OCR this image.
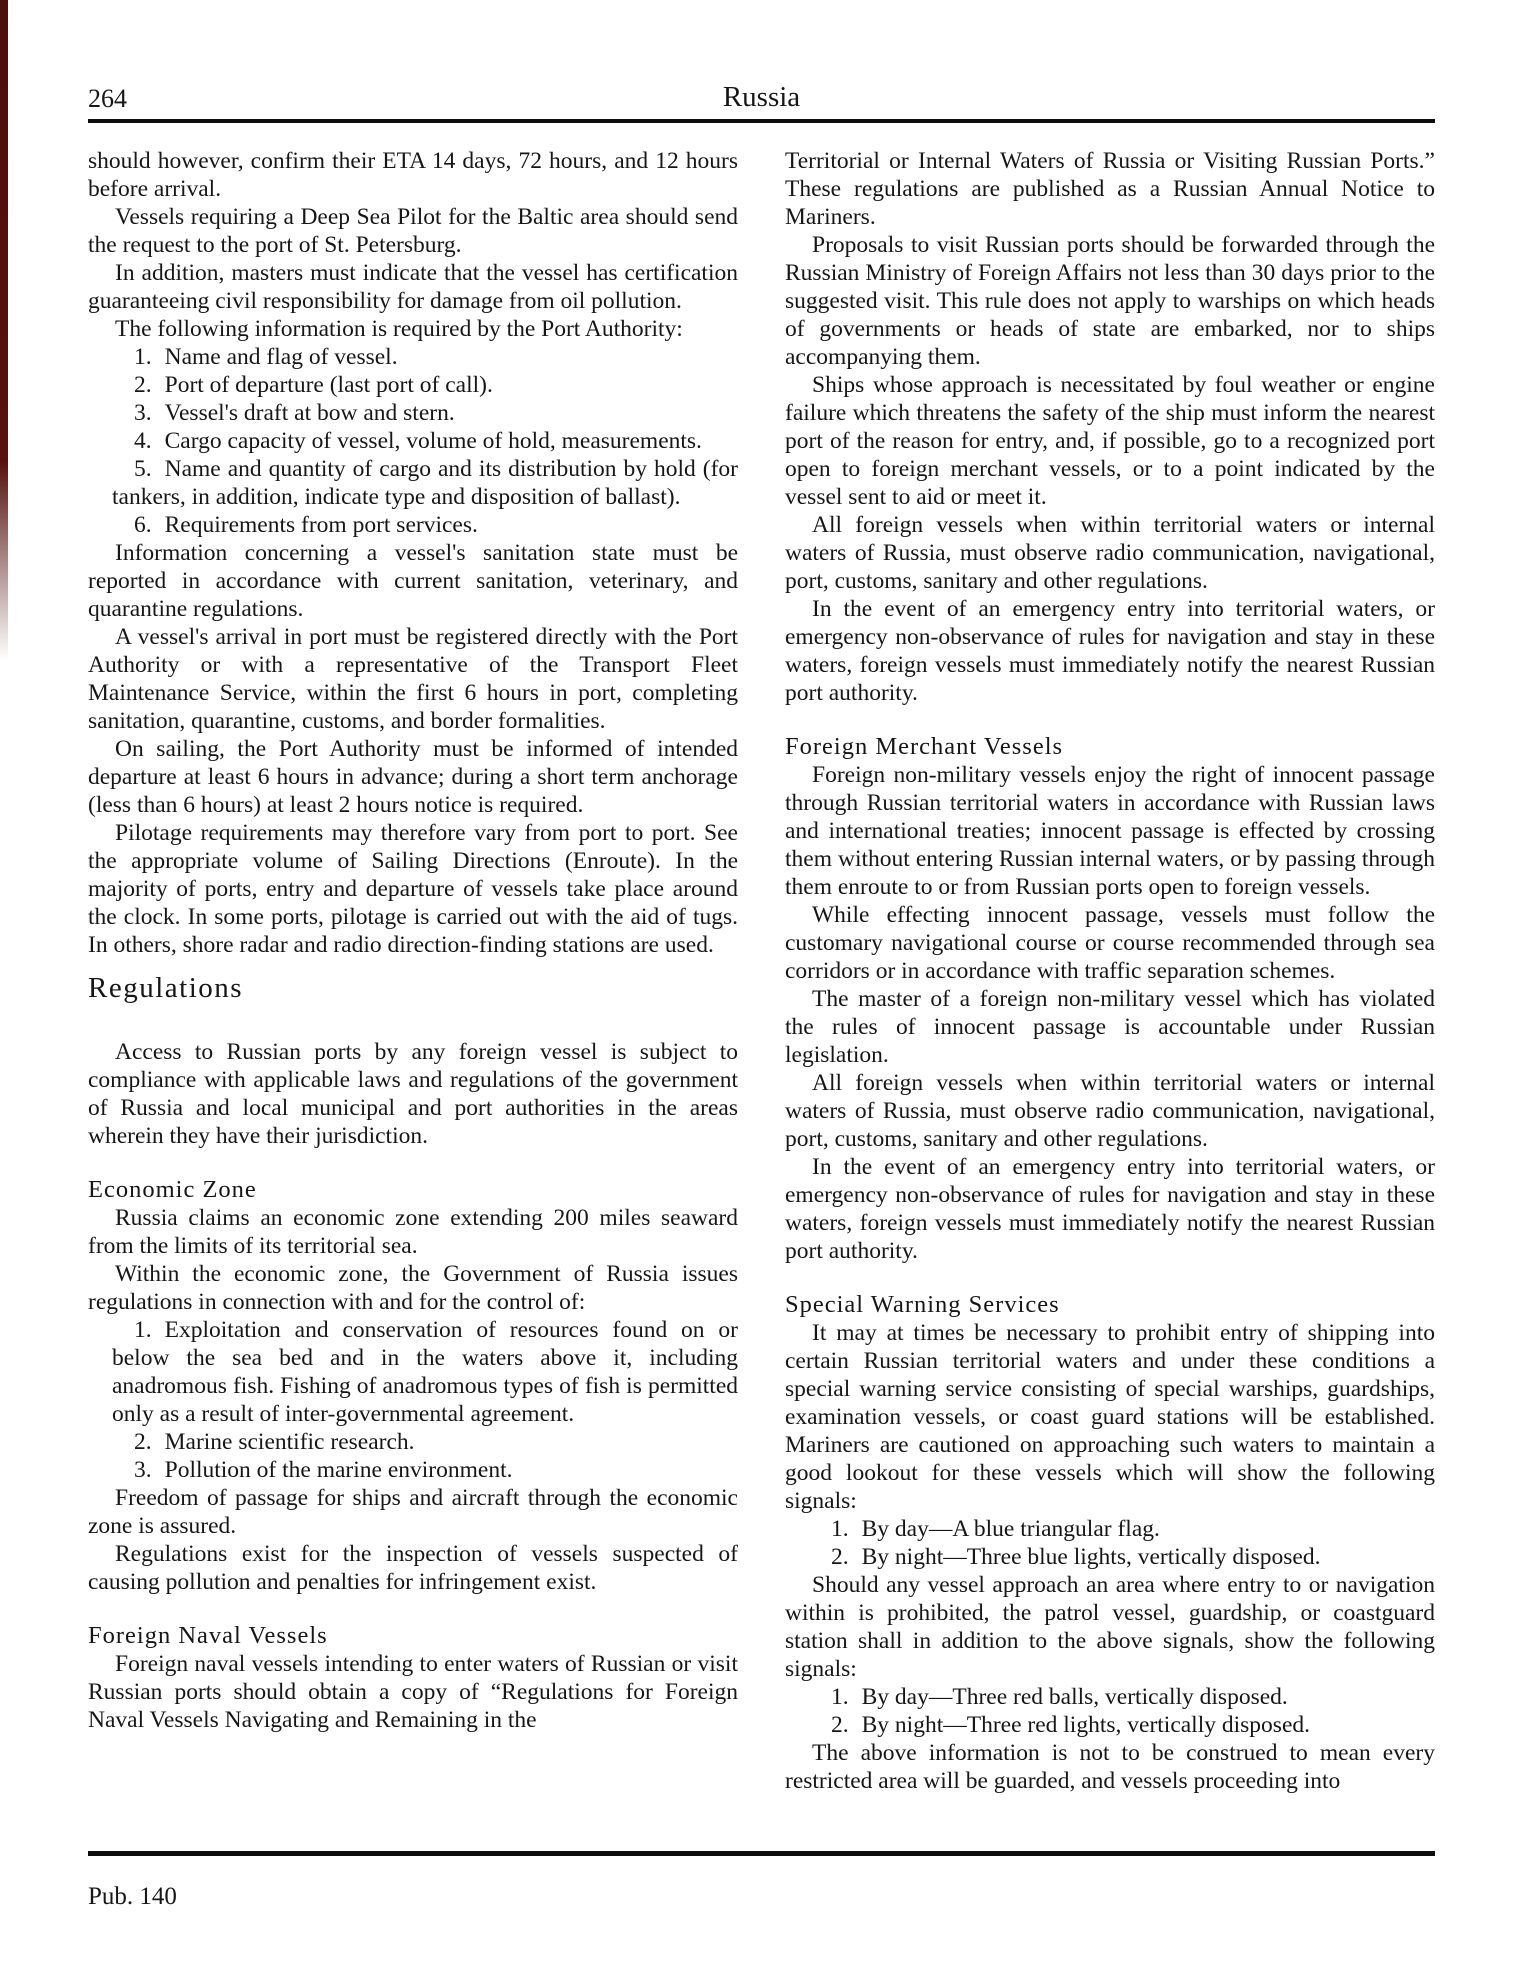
264	Russia

should however, confirm their ETA 14 days, 72 hours, and 12 hours before arrival.

Vessels requiring a Deep Sea Pilot for the Baltic area should send the request to the port of St. Petersburg.

In addition, masters must indicate that the vessel has certification guaranteeing civil responsibility for damage from oil pollution.

The following information is required by the Port Authority:

1. Name and flag of vessel.
2. Port of departure (last port of call).
3. Vessel's draft at bow and stern.
4. Cargo capacity of vessel, volume of hold, measurements.
5. Name and quantity of cargo and its distribution by hold (for tankers, in addition, indicate type and disposition of ballast).
6. Requirements from port services.

Information concerning a vessel's sanitation state must be reported in accordance with current sanitation, veterinary, and quarantine regulations.

A vessel's arrival in port must be registered directly with the Port Authority or with a representative of the Transport Fleet Maintenance Service, within the first 6 hours in port, completing sanitation, quarantine, customs, and border formalities.

On sailing, the Port Authority must be informed of intended departure at least 6 hours in advance; during a short term anchorage (less than 6 hours) at least 2 hours notice is required.

Pilotage requirements may therefore vary from port to port. See the appropriate volume of Sailing Directions (Enroute). In the majority of ports, entry and departure of vessels take place around the clock. In some ports, pilotage is carried out with the aid of tugs. In others, shore radar and radio direction-finding stations are used.

Regulations

Access to Russian ports by any foreign vessel is subject to compliance with applicable laws and regulations of the government of Russia and local municipal and port authorities in the areas wherein they have their jurisdiction.

Economic Zone

Russia claims an economic zone extending 200 miles seaward from the limits of its territorial sea.

Within the economic zone, the Government of Russia issues regulations in connection with and for the control of:

1. Exploitation and conservation of resources found on or below the sea bed and in the waters above it, including anadromous fish. Fishing of anadromous types of fish is permitted only as a result of inter-governmental agreement.
2. Marine scientific research.
3. Pollution of the marine environment.

Freedom of passage for ships and aircraft through the economic zone is assured.

Regulations exist for the inspection of vessels suspected of causing pollution and penalties for infringement exist.

Foreign Naval Vessels

Foreign naval vessels intending to enter waters of Russian or visit Russian ports should obtain a copy of “Regulations for Foreign Naval Vessels Navigating and Remaining in the

Territorial or Internal Waters of Russia or Visiting Russian Ports.” These regulations are published as a Russian Annual Notice to Mariners.

Proposals to visit Russian ports should be forwarded through the Russian Ministry of Foreign Affairs not less than 30 days prior to the suggested visit. This rule does not apply to warships on which heads of governments or heads of state are embarked, nor to ships accompanying them.

Ships whose approach is necessitated by foul weather or engine failure which threatens the safety of the ship must inform the nearest port of the reason for entry, and, if possible, go to a recognized port open to foreign merchant vessels, or to a point indicated by the vessel sent to aid or meet it.

All foreign vessels when within territorial waters or internal waters of Russia, must observe radio communication, navigational, port, customs, sanitary and other regulations.

In the event of an emergency entry into territorial waters, or emergency non-observance of rules for navigation and stay in these waters, foreign vessels must immediately notify the nearest Russian port authority.

Foreign Merchant Vessels

Foreign non-military vessels enjoy the right of innocent passage through Russian territorial waters in accordance with Russian laws and international treaties; innocent passage is effected by crossing them without entering Russian internal waters, or by passing through them enroute to or from Russian ports open to foreign vessels.

While effecting innocent passage, vessels must follow the customary navigational course or course recommended through sea corridors or in accordance with traffic separation schemes.

The master of a foreign non-military vessel which has violated the rules of innocent passage is accountable under Russian legislation.

All foreign vessels when within territorial waters or internal waters of Russia, must observe radio communication, navigational, port, customs, sanitary and other regulations.

In the event of an emergency entry into territorial waters, or emergency non-observance of rules for navigation and stay in these waters, foreign vessels must immediately notify the nearest Russian port authority.

Special Warning Services

It may at times be necessary to prohibit entry of shipping into certain Russian territorial waters and under these conditions a special warning service consisting of special warships, guardships, examination vessels, or coast guard stations will be established. Mariners are cautioned on approaching such waters to maintain a good lookout for these vessels which will show the following signals:

1. By day—A blue triangular flag.
2. By night—Three blue lights, vertically disposed.

Should any vessel approach an area where entry to or navigation within is prohibited, the patrol vessel, guardship, or coastguard station shall in addition to the above signals, show the following signals:

1. By day—Three red balls, vertically disposed.
2. By night—Three red lights, vertically disposed.

The above information is not to be construed to mean every restricted area will be guarded, and vessels proceeding into

Pub. 140
